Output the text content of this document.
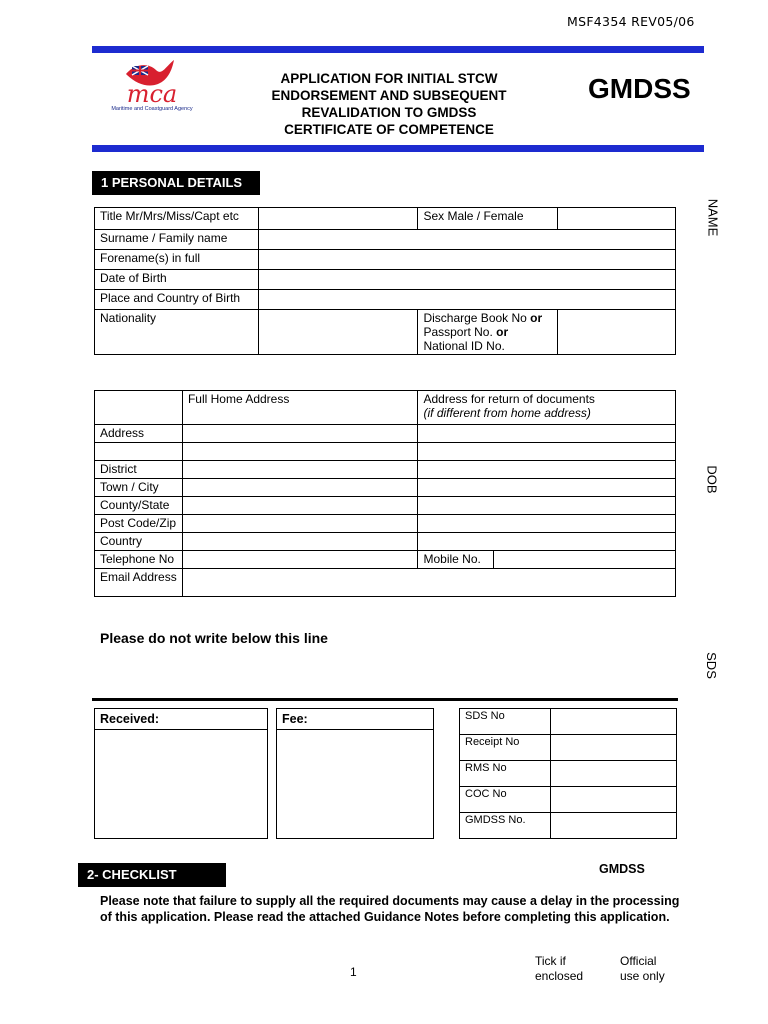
MSF4354 REV05/06
mca
Maritime and Coastguard Agency
APPLICATION FOR INITIAL STCW
ENDORSEMENT AND SUBSEQUENT
REVALIDATION TO GMDSS
CERTIFICATE OF COMPETENCE
GMDSS
1 PERSONAL DETAILS
Title Mr/Mrs/Miss/Capt etc		Sex Male / Female	
Surname / Family name			
Forename(s) in full			
Date of Birth			
Place and Country of Birth			
Nationality		Discharge Book No or
Passport No. or
National ID No.	

	Full Home Address	Address for return of documents
(if different from home address)	

Address			

District			
Town / City			
County/State			
Post Code/Zip			
Country			
Telephone No		Mobile No.	
Email Address			
NAME
DOB
SDS
Please do not write below this line
Received:	Fee:	SDS No	
Receipt No	
RMS No	
COC No	
GMDSS No.	
2- CHECKLIST	GMDSS
Please note that failure to supply all the required documents may cause a delay in the processing of this application. Please read the attached Guidance Notes before completing this application.
1
Tick if
enclosed
Official
use only
